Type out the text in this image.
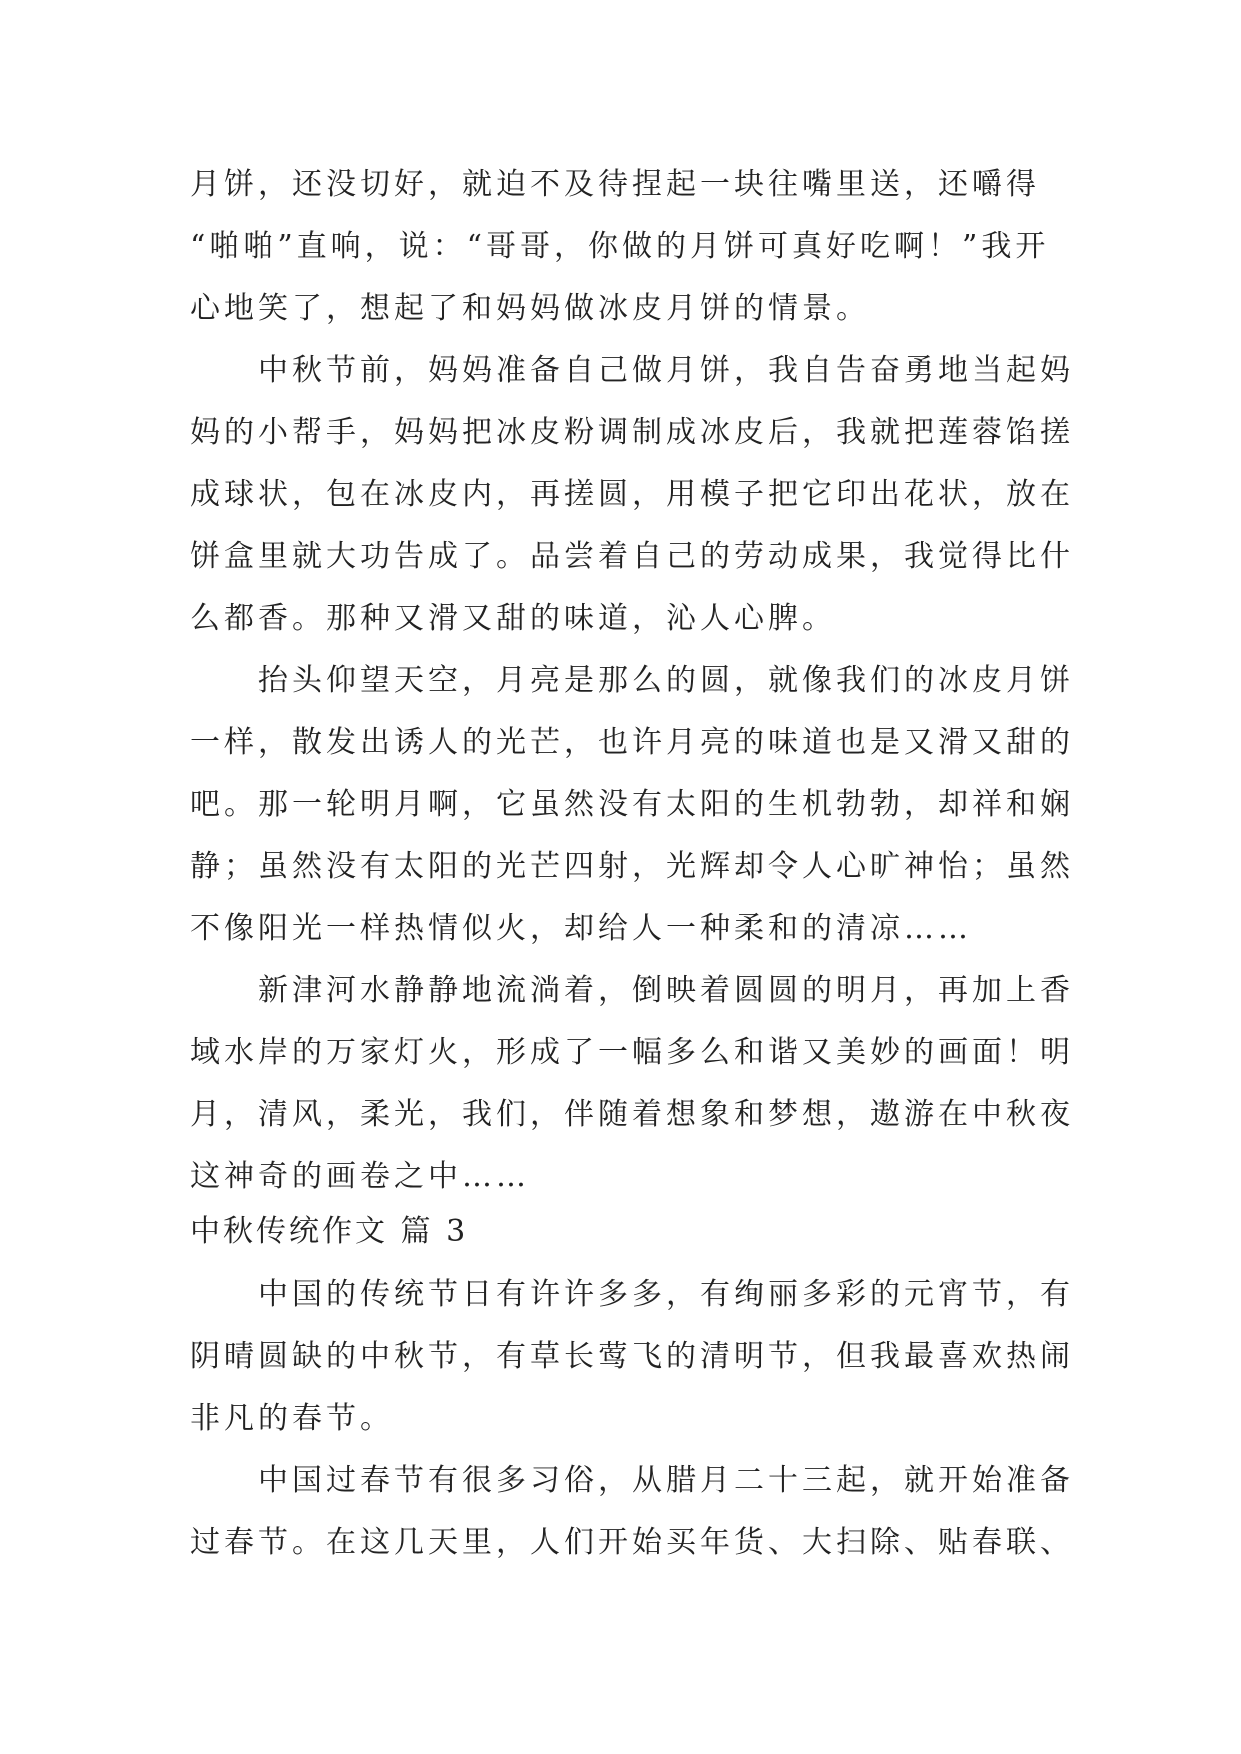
月饼，还没切好，就迫不及待捏起一块往嘴里送，还嚼得
“啪啪”直响，说：“哥哥，你做的月饼可真好吃啊！”我开
心地笑了，想起了和妈妈做冰皮月饼的情景。
　　中秋节前，妈妈准备自己做月饼，我自告奋勇地当起妈
妈的小帮手，妈妈把冰皮粉调制成冰皮后，我就把莲蓉馅搓
成球状，包在冰皮内，再搓圆，用模子把它印出花状，放在
饼盒里就大功告成了。品尝着自己的劳动成果，我觉得比什
么都香。那种又滑又甜的味道，沁人心脾。
　　抬头仰望天空，月亮是那么的圆，就像我们的冰皮月饼
一样，散发出诱人的光芒，也许月亮的味道也是又滑又甜的
吧。那一轮明月啊，它虽然没有太阳的生机勃勃，却祥和娴
静；虽然没有太阳的光芒四射，光辉却令人心旷神怡；虽然
不像阳光一样热情似火，却给人一种柔和的清凉……
　　新津河水静静地流淌着，倒映着圆圆的明月，再加上香
域水岸的万家灯火，形成了一幅多么和谐又美妙的画面！明
月，清风，柔光，我们，伴随着想象和梦想，遨游在中秋夜
这神奇的画卷之中……
中秋传统作文 篇 3
　　中国的传统节日有许许多多，有绚丽多彩的元宵节，有
阴晴圆缺的中秋节，有草长莺飞的清明节，但我最喜欢热闹
非凡的春节。
　　中国过春节有很多习俗，从腊月二十三起，就开始准备
过春节。在这几天里，人们开始买年货、大扫除、贴春联、
